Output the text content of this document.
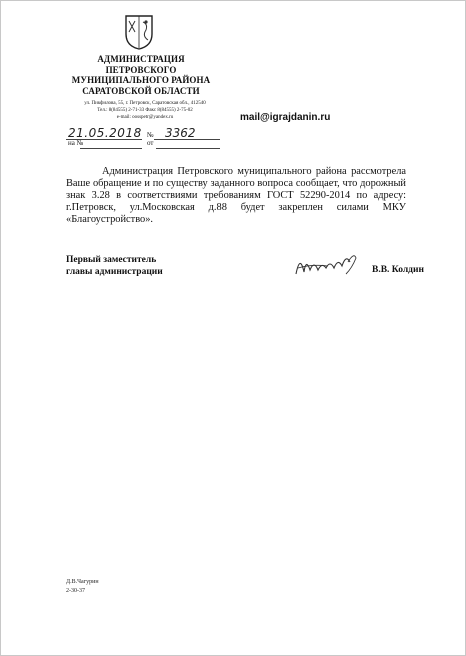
АДМИНИСТРАЦИЯ
ПЕТРОВСКОГО
МУНИЦИПАЛЬНОГО РАЙОНА
САРАТОВСКОЙ ОБЛАСТИ
ул. Пикфилова, 55, г. Петровск, Саратовская обл., 412540
Тел.: 8(84555) 2-71-33 Факс 8(84555) 2-75-02
e-mail: oosspetr@yandex.ru	mail@igrajdanin.ru
21.05.2018 № 3362
на №	от
Администрация Петровского муниципального района рассмотрела Ваше обращение и по существу заданного вопроса сообщает, что дорожный знак 3.28 в соответствиями требованиям ГОСТ 52290-2014 по адресу: г.Петровск, ул.Московская д.88 будет закреплен силами МКУ «Благоустройство».
Первый заместитель
главы администрации	В.В. Колдин
Д.В.Чагурин
2-30-37
